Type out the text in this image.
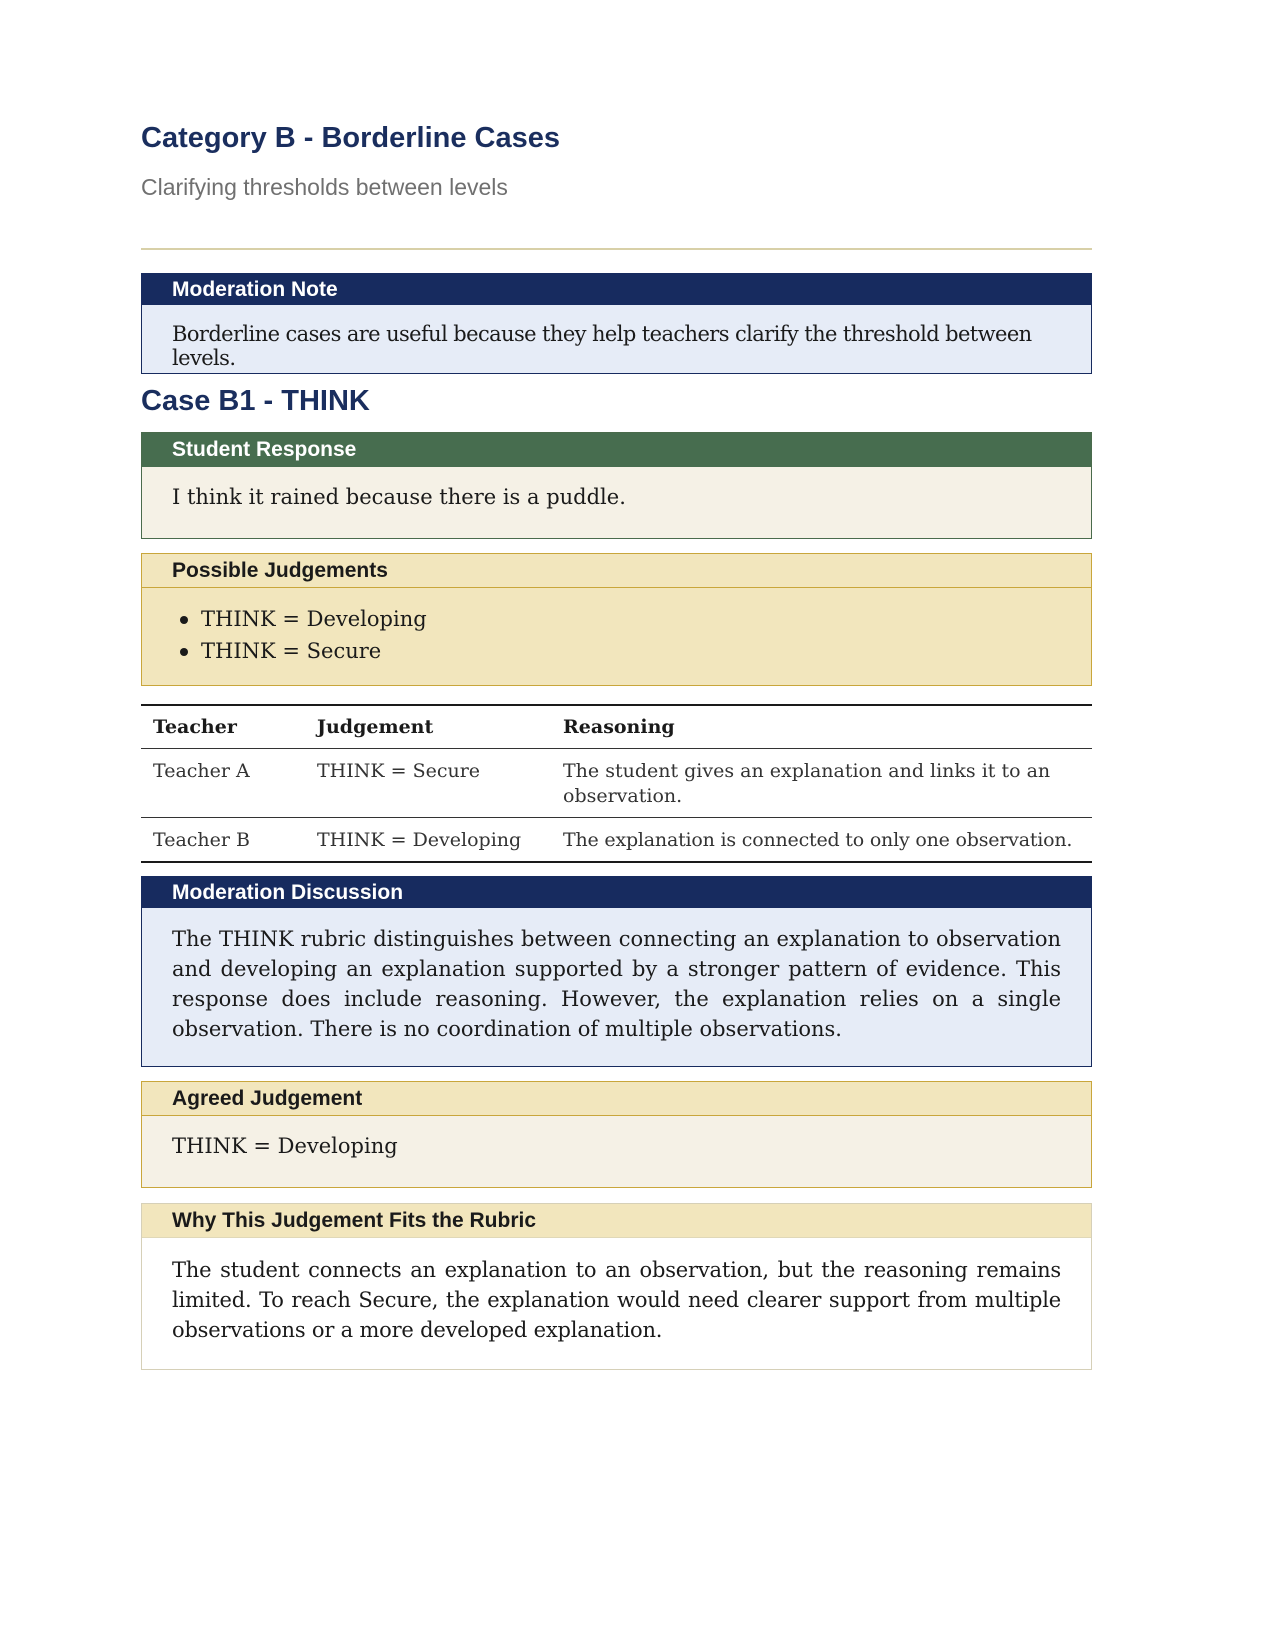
Category B - Borderline Cases

Clarifying thresholds between levels

Moderation Note
Borderline cases are useful because they help teachers clarify the threshold between levels.
Case B1 - THINK
Student Response
I think it rained because there is a puddle.
Possible Judgements
THINK = Developing
THINK = Secure
Teacher	Judgement	Reasoning
Teacher A	THINK = Secure	The student gives an explanation and links it to an observation.
Teacher B	THINK = Developing	The explanation is connected to only one observation.
Moderation Discussion
The THINK rubric distinguishes between connecting an explanation to observation and developing an explanation supported by a stronger pattern of evidence. This response does include reasoning. However, the explanation relies on a single observation. There is no coordination of multiple observations.
Agreed Judgement
THINK = Developing
Why This Judgement Fits the Rubric
The student connects an explanation to an observation, but the reasoning remains limited. To reach Secure, the explanation would need clearer support from multiple observations or a more developed explanation.
